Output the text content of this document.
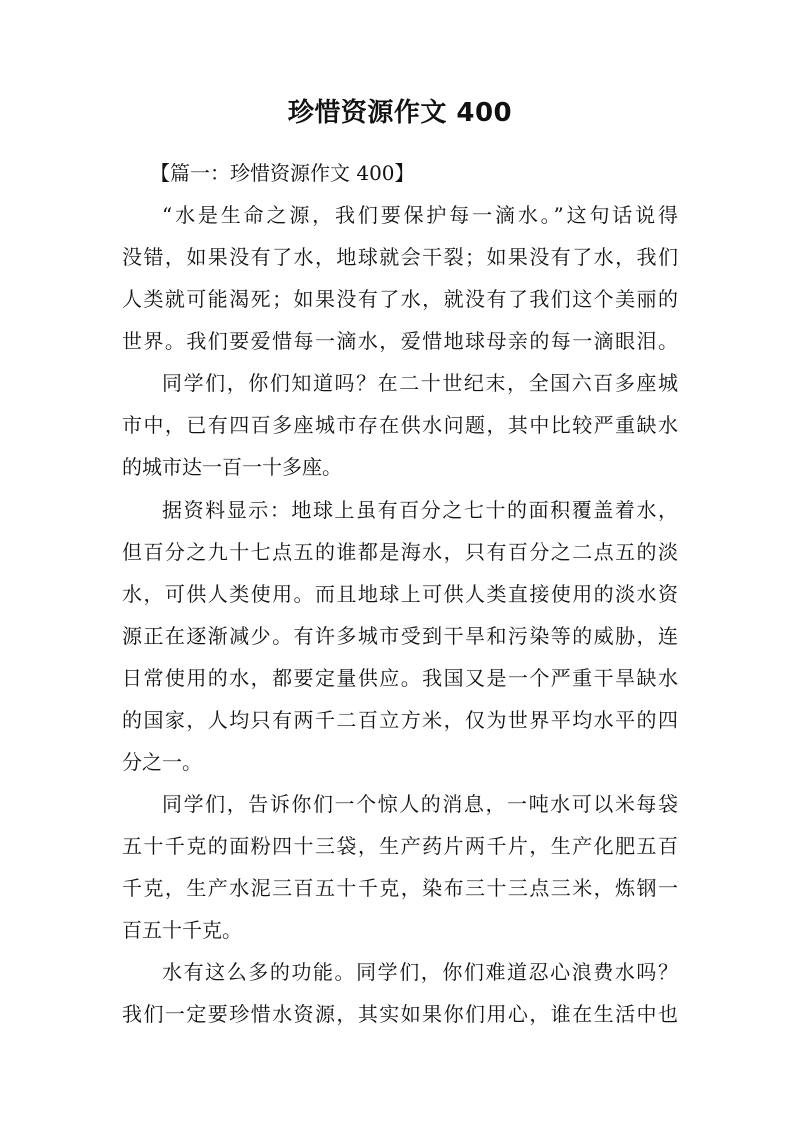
珍惜资源作文 400
【篇一：珍惜资源作文 400】
“水是生命之源，我们要保护每一滴水。”这句话说得
没错，如果没有了水，地球就会干裂；如果没有了水，我们
人类就可能渴死；如果没有了水，就没有了我们这个美丽的
世界。我们要爱惜每一滴水，爱惜地球母亲的每一滴眼泪。
同学们，你们知道吗？在二十世纪末，全国六百多座城
市中，已有四百多座城市存在供水问题，其中比较严重缺水
的城市达一百一十多座。
据资料显示：地球上虽有百分之七十的面积覆盖着水，
但百分之九十七点五的谁都是海水，只有百分之二点五的淡
水，可供人类使用。而且地球上可供人类直接使用的淡水资
源正在逐渐减少。有许多城市受到干旱和污染等的威胁，连
日常使用的水，都要定量供应。我国又是一个严重干旱缺水
的国家，人均只有两千二百立方米，仅为世界平均水平的四
分之一。
同学们，告诉你们一个惊人的消息，一吨水可以米每袋
五十千克的面粉四十三袋，生产药片两千片，生产化肥五百
千克，生产水泥三百五十千克，染布三十三点三米，炼钢一
百五十千克。
水有这么多的功能。同学们，你们难道忍心浪费水吗？
我们一定要珍惜水资源，其实如果你们用心，谁在生活中也
